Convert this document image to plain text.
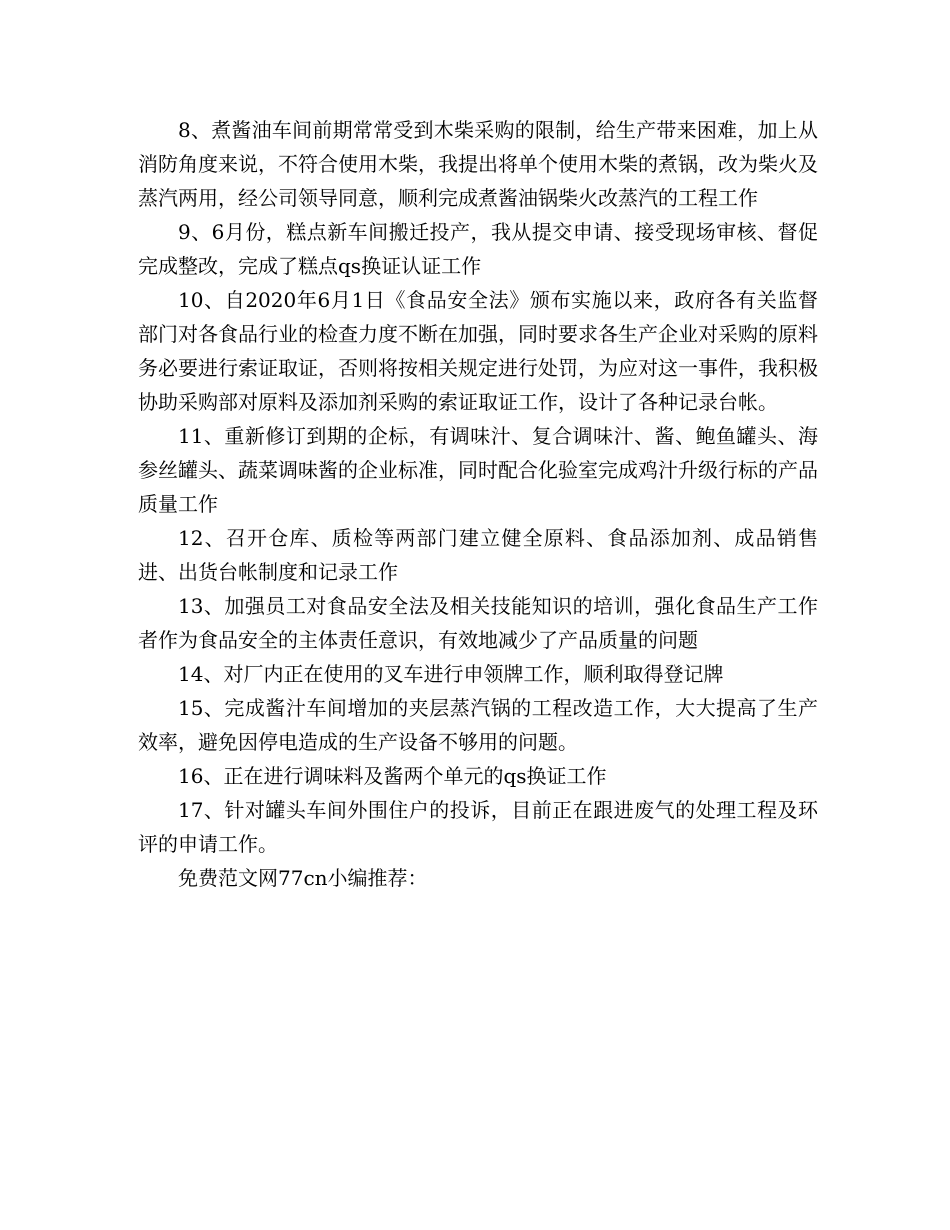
8、煮酱油车间前期常常受到木柴采购的限制，给生产带来困难，加上从消防角度来说，不符合使用木柴，我提出将单个使用木柴的煮锅，改为柴火及蒸汽两用，经公司领导同意，顺利完成煮酱油锅柴火改蒸汽的工程工作

9、6月份，糕点新车间搬迁投产，我从提交申请、接受现场审核、督促完成整改，完成了糕点qs换证认证工作

10、自2020年6月1日《食品安全法》颁布实施以来，政府各有关监督部门对各食品行业的检查力度不断在加强，同时要求各生产企业对采购的原料务必要进行索证取证，否则将按相关规定进行处罚，为应对这一事件，我积极协助采购部对原料及添加剂采购的索证取证工作，设计了各种记录台帐。

11、重新修订到期的企标，有调味汁、复合调味汁、酱、鲍鱼罐头、海参丝罐头、蔬菜调味酱的企业标准，同时配合化验室完成鸡汁升级行标的产品质量工作

12、召开仓库、质检等两部门建立健全原料、食品添加剂、成品销售进、出货台帐制度和记录工作

13、加强员工对食品安全法及相关技能知识的培训，强化食品生产工作者作为食品安全的主体责任意识，有效地减少了产品质量的问题

14、对厂内正在使用的叉车进行申领牌工作，顺利取得登记牌

15、完成酱汁车间增加的夹层蒸汽锅的工程改造工作，大大提高了生产效率，避免因停电造成的生产设备不够用的问题。

16、正在进行调味料及酱两个单元的qs换证工作

17、针对罐头车间外围住户的投诉，目前正在跟进废气的处理工程及环评的申请工作。

免费范文网77cn小编推荐：
